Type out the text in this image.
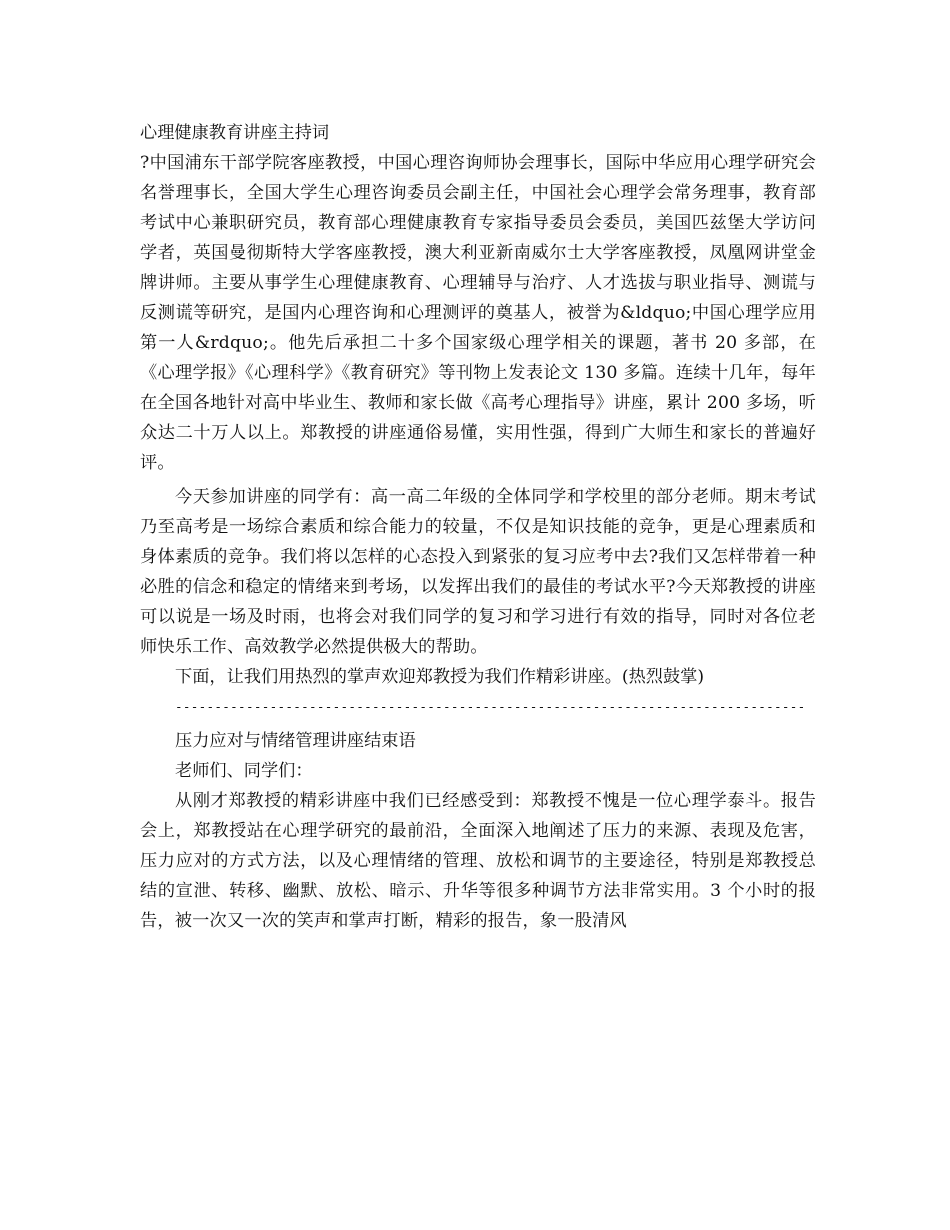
心理健康教育讲座主持词

?中国浦东干部学院客座教授，中国心理咨询师协会理事长，国际中华应用心理学研究会名誉理事长，全国大学生心理咨询委员会副主任，中国社会心理学会常务理事，教育部考试中心兼职研究员，教育部心理健康教育专家指导委员会委员，美国匹兹堡大学访问学者，英国曼彻斯特大学客座教授，澳大利亚新南威尔士大学客座教授，凤凰网讲堂金牌讲师。主要从事学生心理健康教育、心理辅导与治疗、人才选拔与职业指导、测谎与反测谎等研究，是国内心理咨询和心理测评的奠基人，被誉为&ldquo;中国心理学应用第一人&rdquo;。他先后承担二十多个国家级心理学相关的课题，著书 20 多部，在《心理学报》《心理科学》《教育研究》等刊物上发表论文 130 多篇。连续十几年，每年在全国各地针对高中毕业生、教师和家长做《高考心理指导》讲座，累计 200 多场，听众达二十万人以上。郑教授的讲座通俗易懂，实用性强，得到广大师生和家长的普遍好评。

今天参加讲座的同学有：高一高二年级的全体同学和学校里的部分老师。期末考试乃至高考是一场综合素质和综合能力的较量，不仅是知识技能的竞争，更是心理素质和身体素质的竞争。我们将以怎样的心态投入到紧张的复习应考中去?我们又怎样带着一种必胜的信念和稳定的情绪来到考场，以发挥出我们的最佳的考试水平?今天郑教授的讲座可以说是一场及时雨，也将会对我们同学的复习和学习进行有效的指导，同时对各位老师快乐工作、高效教学必然提供极大的帮助。

下面，让我们用热烈的掌声欢迎郑教授为我们作精彩讲座。(热烈鼓掌)

--------------------------------------------------------------------------------

压力应对与情绪管理讲座结束语

老师们、同学们：

从刚才郑教授的精彩讲座中我们已经感受到：郑教授不愧是一位心理学泰斗。报告会上，郑教授站在心理学研究的最前沿，全面深入地阐述了压力的来源、表现及危害，压力应对的方式方法，以及心理情绪的管理、放松和调节的主要途径，特别是郑教授总结的宣泄、转移、幽默、放松、暗示、升华等很多种调节方法非常实用。3 个小时的报告，被一次又一次的笑声和掌声打断，精彩的报告，象一股清风
